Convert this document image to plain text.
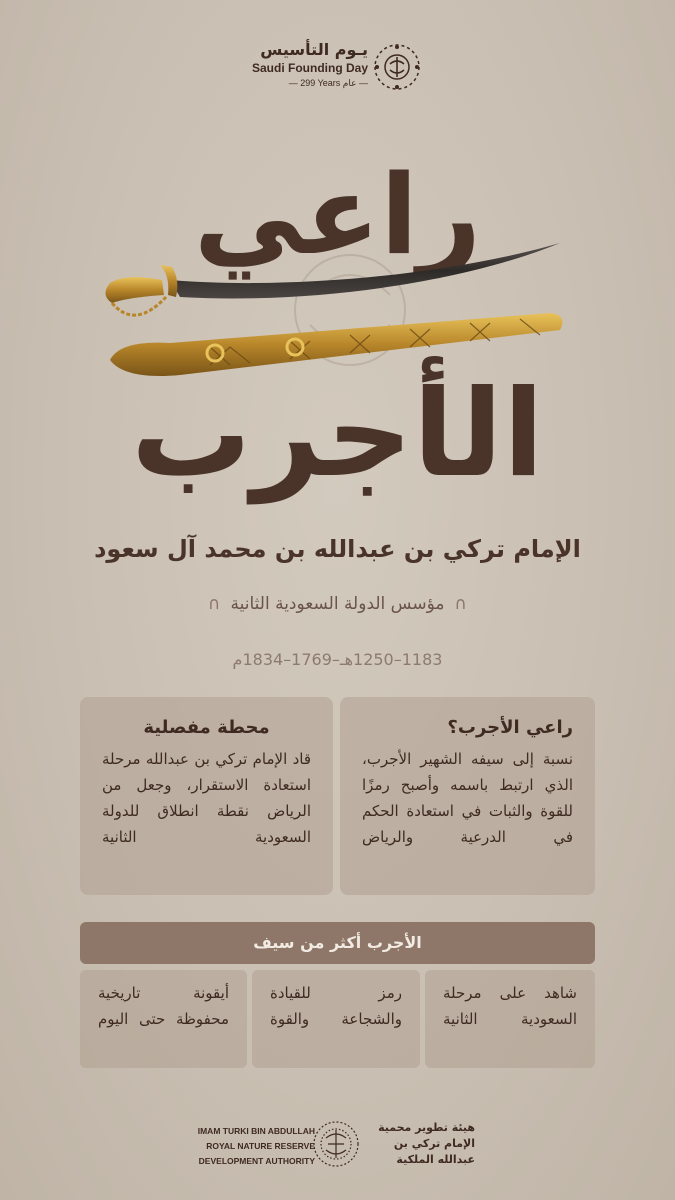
يـوم التأسيس
Saudi Founding Day
— 299 Years عام —
راعي
الأجرب
الإمام تركي بن عبدالله بن محمد آل سعود
∩مؤسس الدولة السعودية الثانية∩
1183–1250هـ–1769–1834م
راعي الأجرب؟
نسبة إلى سيفه الشهير الأجرب، الذي ارتبط باسمه وأصبح رمزًا للقوة والثبات في استعادة الحكم في الدرعية والرياض
محطة مفصلية
قاد الإمام تركي بن عبدالله مرحلة استعادة الاستقرار، وجعل من الرياض نقطة انطلاق للدولة السعودية الثانية
الأجرب أكثر من سيف
شاهد على مرحلة السعودية الثانية
رمز للقيادة والشجاعة والقوة
أيقونة تاريخية محفوظة حتى اليوم
IMAM TURKI BIN ABDULLAH
ROYAL NATURE RESERVE
DEVELOPMENT AUTHORITY
هيئة تطوير محمية
الإمام تركي بن
عبدالله الملكية
